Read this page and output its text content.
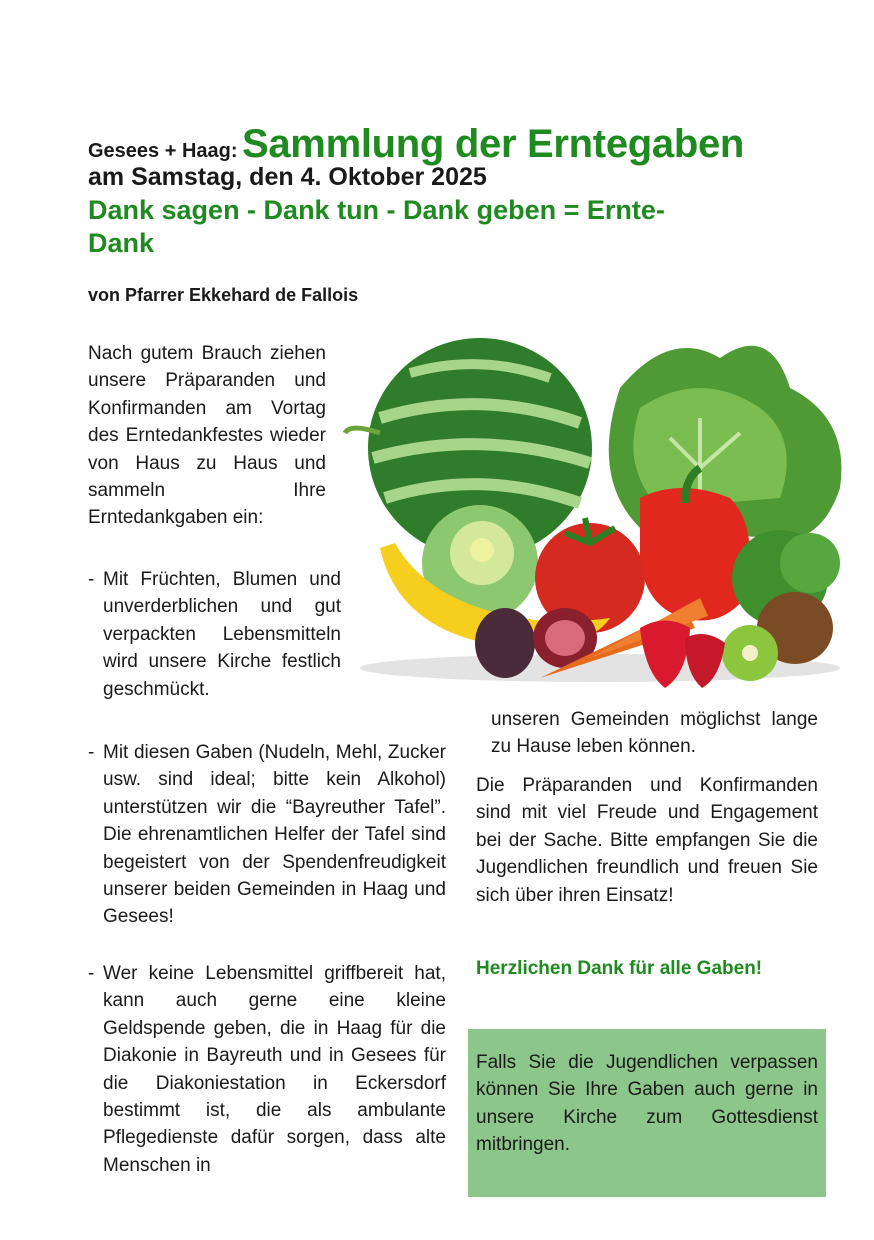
Gesees + Haag: Sammlung der Erntegaben
am Samstag, den 4. Oktober 2025
Dank sagen - Dank tun - Dank geben = Ernte-Dank
von Pfarrer Ekkehard de Fallois

Nach gutem Brauch ziehen unsere Präparanden und Konfirmanden am Vortag des Erntedankfestes wieder von Haus zu Haus und sammeln Ihre Erntedankgaben ein:

- Mit Früchten, Blumen und unverderblichen und gut verpackten Lebensmitteln wird unsere Kirche festlich geschmückt.
- Mit diesen Gaben (Nudeln, Mehl, Zucker usw. sind ideal; bitte kein Alkohol) unterstützen wir die “Bayreuther Tafel”. Die ehrenamtlichen Helfer der Tafel sind begeistert von der Spendenfreudigkeit unserer beiden Gemeinden in Haag und Gesees!
- Wer keine Lebensmittel griffbereit hat, kann auch gerne eine kleine Geldspende geben, die in Haag für die Diakonie in Bayreuth und in Gesees für die Diakoniestation in Eckersdorf bestimmt ist, die als ambulante Pflegedienste dafür sorgen, dass alte Menschen in

unseren Gemeinden möglichst lange zu Hause leben können.

Die Präparanden und Konfirmanden sind mit viel Freude und Engagement bei der Sache. Bitte empfangen Sie die Jugendlichen freundlich und freuen Sie sich über ihren Einsatz!

Herzlichen Dank für alle Gaben!

Falls Sie die Jugendlichen verpassen können Sie Ihre Gaben auch gerne in unsere Kirche zum Gottesdienst mitbringen.
